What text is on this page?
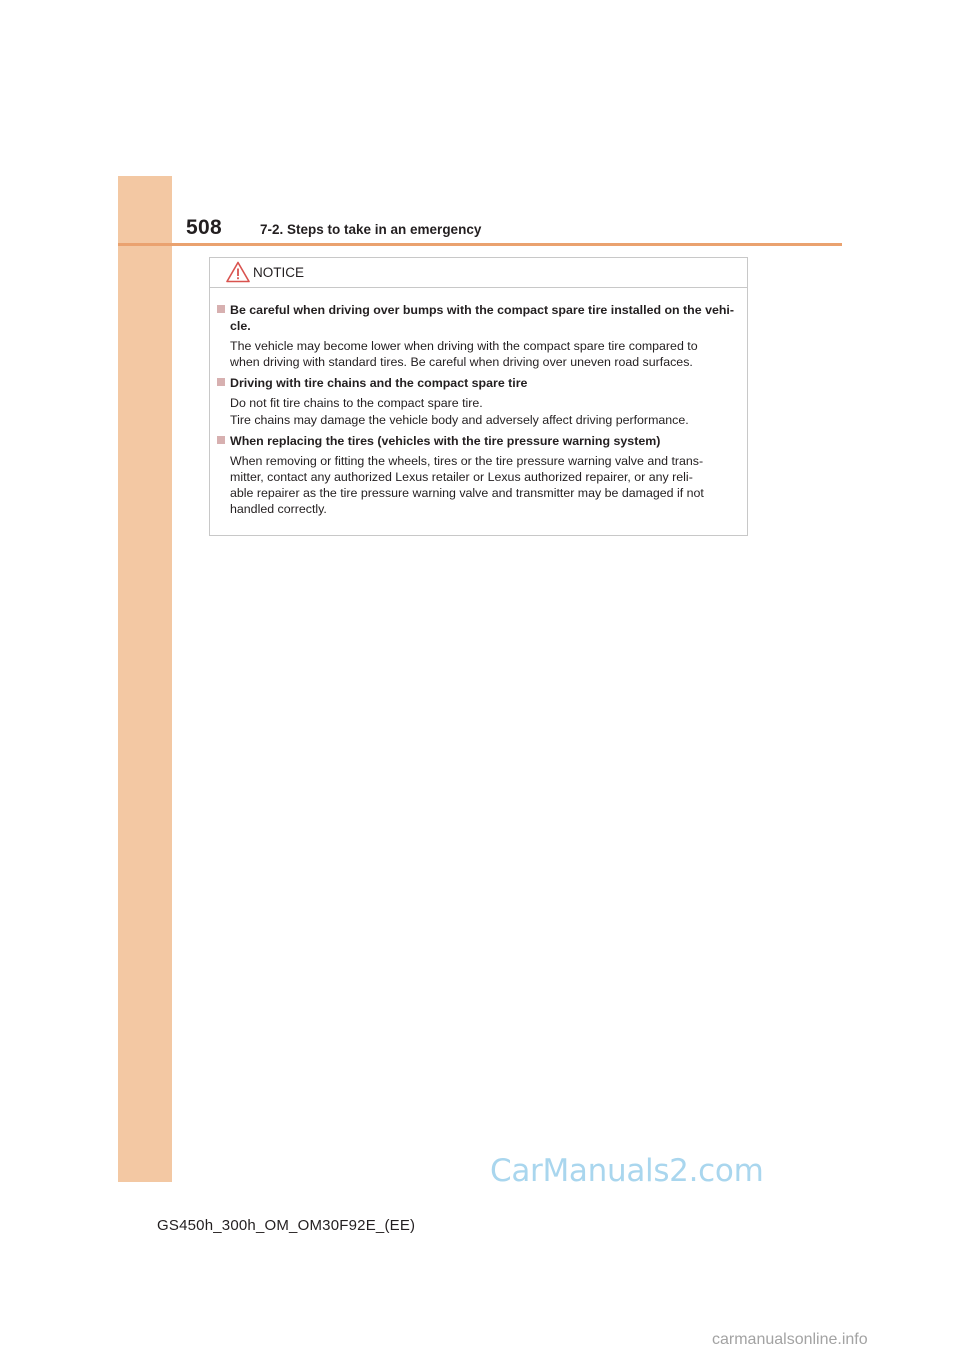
508	7-2. Steps to take in an emergency
NOTICE
Be careful when driving over bumps with the compact spare tire installed on the vehi- cle.
The vehicle may become lower when driving with the compact spare tire compared to
when driving with standard tires. Be careful when driving over uneven road surfaces.
Driving with tire chains and the compact spare tire
Do not fit tire chains to the compact spare tire.
Tire chains may damage the vehicle body and adversely affect driving performance.
When replacing the tires (vehicles with the tire pressure warning system)
When removing or fitting the wheels, tires or the tire pressure warning valve and trans-
mitter, contact any authorized Lexus retailer or Lexus authorized repairer, or any reli-
able repairer as the tire pressure warning valve and transmitter may be damaged if not
handled correctly.
CarManuals2.com
GS450h_300h_OM_OM30F92E_(EE)
carmanualsonline.info
